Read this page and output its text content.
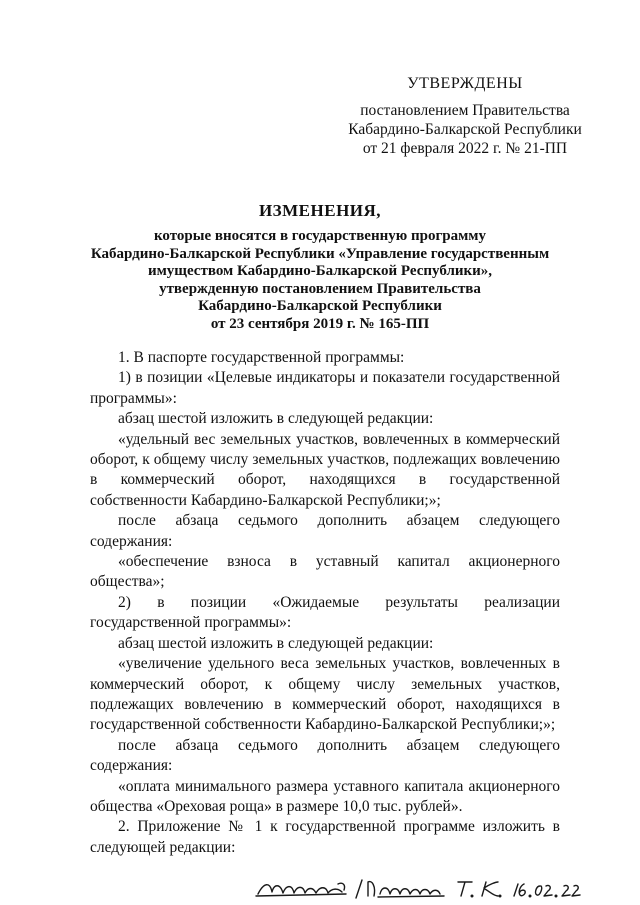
УТВЕРЖДЕНЫ
постановлением Правительства
Кабардино-Балкарской Республики
от 21 февраля 2022 г. № 21-ПП
ИЗМЕНЕНИЯ,
которые вносятся в государственную программу
Кабардино-Балкарской Республики «Управление государственным
имуществом Кабардино-Балкарской Республики»,
утвержденную постановлением Правительства
Кабардино-Балкарской Республики
от 23 сентября 2019 г. № 165-ПП

1. В паспорте государственной программы:

1) в позиции «Целевые индикаторы и показатели государственной программы»:

абзац шестой изложить в следующей редакции:

«удельный вес земельных участков, вовлеченных в коммерческий оборот, к общему числу земельных участков, подлежащих вовлечению в коммерческий оборот, находящихся в государственной собственности Кабардино-Балкарской Республики;»;

после абзаца седьмого дополнить абзацем следующего содержания:

«обеспечение взноса в уставный капитал акционерного общества»;

2) в позиции «Ожидаемые результаты реализации государственной программы»:

абзац шестой изложить в следующей редакции:

«увеличение удельного веса земельных участков, вовлеченных в коммерческий оборот, к общему числу земельных участков, подлежащих вовлечению в коммерческий оборот, находящихся в государственной собственности Кабардино-Балкарской Республики;»;

после абзаца седьмого дополнить абзацем следующего содержания:

«оплата минимального размера уставного капитала акционерного общества «Ореховая роща» в размере 10,0 тыс. рублей».

2. Приложение № 1 к государственной программе изложить в следующей редакции:
